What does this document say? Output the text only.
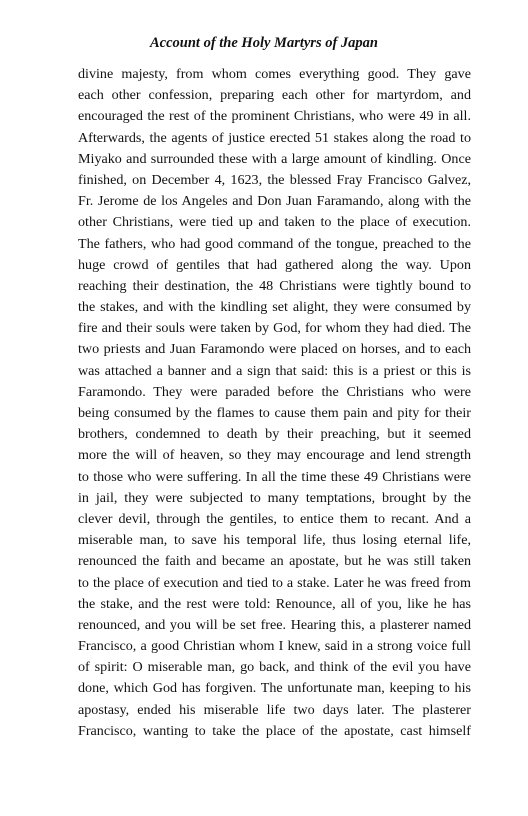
Account of the Holy Martyrs of Japan
divine majesty, from whom comes everything good. They gave
each other confession, preparing each other for martyrdom, and
encouraged the rest of the prominent Christians, who were 49 in all.
Afterwards, the agents of justice erected 51 stakes along the road to
Miyako and surrounded these with a large amount of kindling. Once
finished, on December 4, 1623, the blessed Fray Francisco Galvez,
Fr. Jerome de los Angeles and Don Juan Faramando, along with the
other Christians, were tied up and taken to the place of execution.
The fathers, who had good command of the tongue, preached to the
huge crowd of gentiles that had gathered along the way. Upon
reaching their destination, the 48 Christians were tightly bound to
the stakes, and with the kindling set alight, they were consumed by
fire and their souls were taken by God, for whom they had died. The
two priests and Juan Faramondo were placed on horses, and to each
was attached a banner and a sign that said: this is a priest or this is
Faramondo. They were paraded before the Christians who were
being consumed by the flames to cause them pain and pity for their
brothers, condemned to death by their preaching, but it seemed
more the will of heaven, so they may encourage and lend strength
to those who were suffering. In all the time these 49 Christians were
in jail, they were subjected to many temptations, brought by the
clever devil, through the gentiles, to entice them to recant. And a
miserable man, to save his temporal life, thus losing eternal life,
renounced the faith and became an apostate, but he was still taken
to the place of execution and tied to a stake. Later he was freed from
the stake, and the rest were told: Renounce, all of you, like he has
renounced, and you will be set free. Hearing this, a plasterer named
Francisco, a good Christian whom I knew, said in a strong voice full
of spirit: O miserable man, go back, and think of the evil you have
done, which God has forgiven. The unfortunate man, keeping to his
apostasy, ended his miserable life two days later. The plasterer
Francisco, wanting to take the place of the apostate, cast himself
